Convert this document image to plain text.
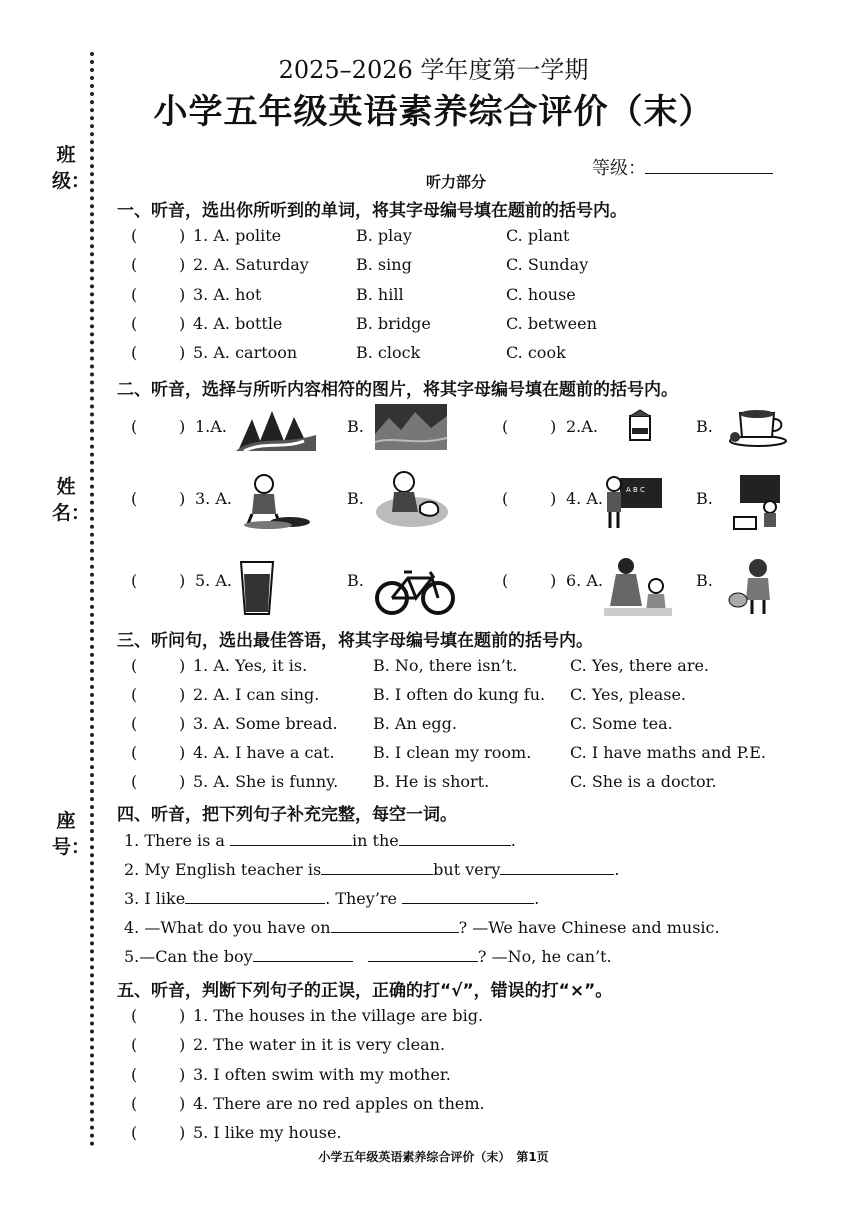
班级：
姓名：
座号：
2025–2026 学年度第一学期
小学五年级英语素养综合评价（末）
等级：
听力部分
一、听音，选出你所听到的单词，将其字母编号填在题前的括号内。
(	) 1. A. polite	B. play	C. plant
(	) 2. A. Saturday	B. sing	C. Sunday
(	) 3. A. hot	B. hill	C. house
(	) 4. A. bottle	B. bridge	C. between
(	) 5. A. cartoon	B. clock	C. cook
二、听音，选择与所听内容相符的图片，将其字母编号填在题前的括号内。
(	) 1.A.	B.	(	) 2.A.	B.
(	) 3. A.	B.	(	) 4. A.	B.
(	) 5. A.	B.	(	) 6. A.	B.
A B C
三、听问句，选出最佳答语，将其字母编号填在题前的括号内。
(	) 1. A. Yes, it is.	B. No, there isn’t.	C. Yes, there are.
(	) 2. A. I can sing.	B. I often do kung fu. C. Yes, please.
(	) 3. A. Some bread. B. An egg.	C. Some tea.
(	) 4. A. I have a cat. B. I clean my room. C. I have maths and P.E.
(	) 5. A. She is funny. B. He is short.	C. She is a doctor.
四、听音，把下列句子补充完整，每空一词。
1. There is a	in the	.
2. My English teacher is	but very	.
3. I like	. They’re	.
4. —What do you have on	? —We have Chinese and music.
5.—Can the boy	? —No, he can’t.
五、听音，判断下列句子的正误，正确的打“√”，错误的打“×”。
(	) 1. The houses in the village are big.
(	) 2. The water in it is very clean.
(	) 3. I often swim with my mother.
(	) 4. There are no red apples on them.
(	) 5. I like my house.
小学五年级英语素养综合评价（末）　第1页
